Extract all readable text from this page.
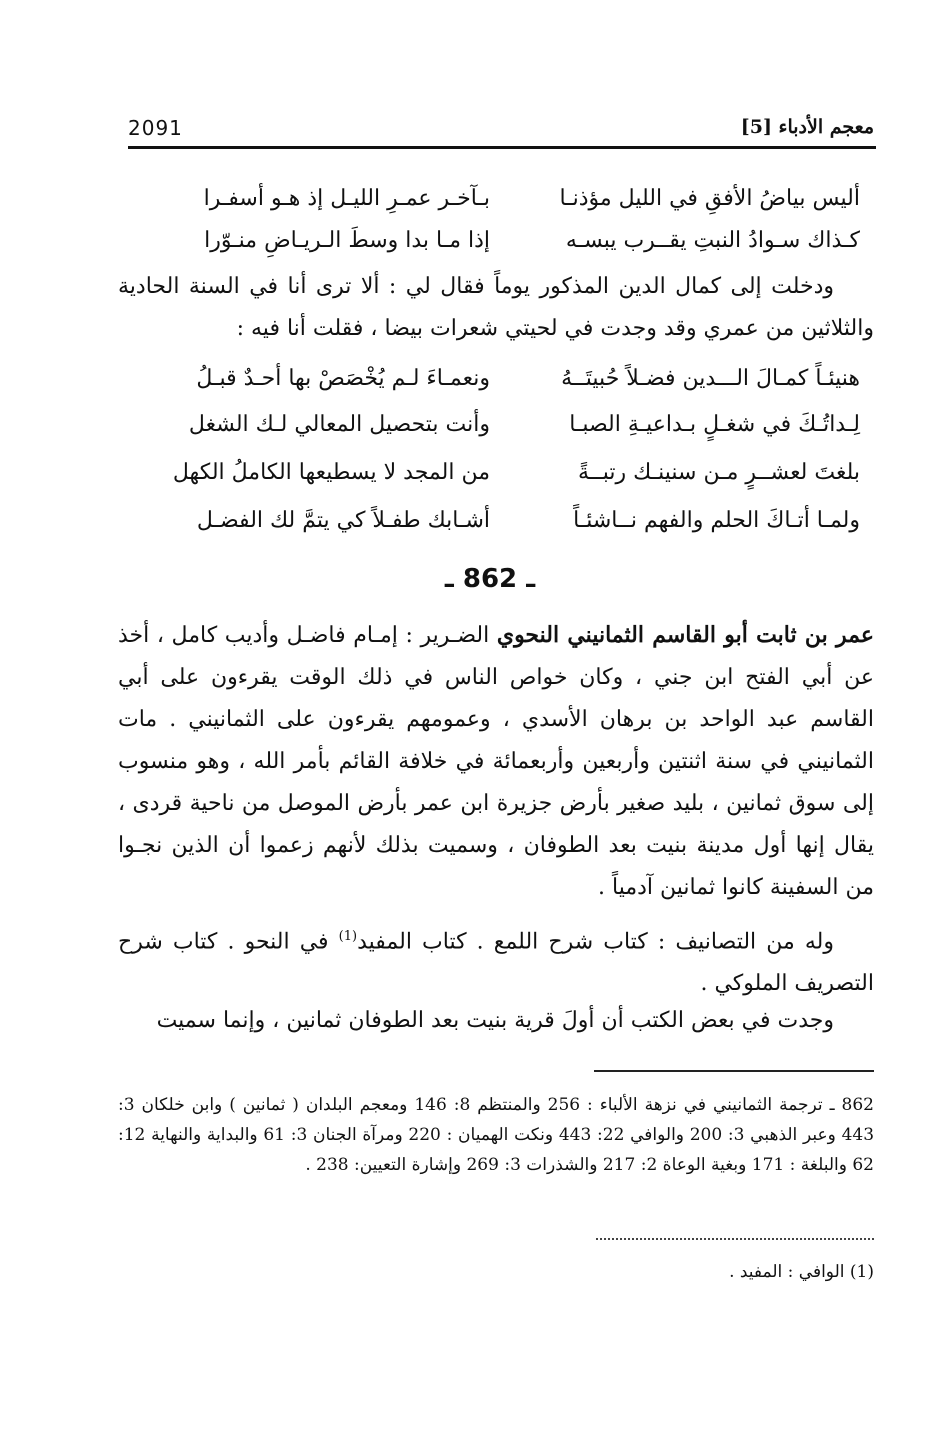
2091	معجم الأدباء [5]
أليس بياضُ الأفقِ في الليل مؤذنـا
بـآخـر عمـرِ الليـل إذ هـو أسفـرا
كـذاك سـوادُ النبتِ يقــرب يبسـه
إذا مـا بدا وسطَ الـريـاضِ منـوّرا
ودخلت إلى كمال الدين المذكور يوماً فقال لي : ألا ترى أنا في السنة الحادية والثلاثين من عمري وقد وجدت في لحيتي شعرات بيضا ، فقلت أنا فيه :
هنيئـاً كمـالَ الـــدين فضـلاً حُبيتَــهُ
ونعمـاءَ لـم يُخْصَصْ بها أحـدٌ قبـلُ
لِـداتُـكَ في شغـلٍ بـداعيـةِ الصبـا
وأنت بتحصيل المعالي لـك الشغل
بلغتَ لعشــرٍ مـن سنينـك رتبــةً
من المجد لا يسطيعها الكاملُ الكهل
ولمـا أتـاكَ الحلم والفهم نــاشئـاً
أشـابك طفـلاً كي يتمَّ لك الفضـل
ـ 862 ـ
عمر بن ثابت أبو القاسم الثمانيني النحوي الضـرير : إمـام فاضـل وأديب كامل ، أخذ عن أبي الفتح ابن جني ، وكان خواص الناس في ذلك الوقت يقرءون على أبي القاسم عبد الواحد بن برهان الأسدي ، وعمومهم يقرءون على الثمانيني . مات الثمانيني في سنة اثنتين وأربعين وأربعمائة في خلافة القائم بأمر الله ، وهو منسوب إلى سوق ثمانين ، بليد صغير بأرض جزيرة ابن عمر بأرض الموصل من ناحية قردى ، يقال إنها أول مدينة بنيت بعد الطوفان ، وسميت بذلك لأنهم زعموا أن الذين نجـوا من السفينة كانوا ثمانين آدمياً .
وله من التصانيف : كتاب شرح اللمع . كتاب المفيد$^{(1)}$ في النحو . كتاب شرح التصريف الملوكي .
وجدت في بعض الكتب أن أولَ قرية بنيت بعد الطوفان ثمانين ، وإنما سميت
862 ـ ترجمة الثمانيني في نزهة الألباء : 256 والمنتظم 8: 146 ومعجم البلدان ( ثمانين ) وابن خلكان 3: 443 وعبر الذهبي 3: 200 والوافي 22: 443 ونكت الهميان : 220 ومرآة الجنان 3: 61 والبداية والنهاية 12: 62 والبلغة : 171 وبغية الوعاة 2: 217 والشذرات 3: 269 وإشارة التعيين: 238 .
(1) الوافي : المفيد .
